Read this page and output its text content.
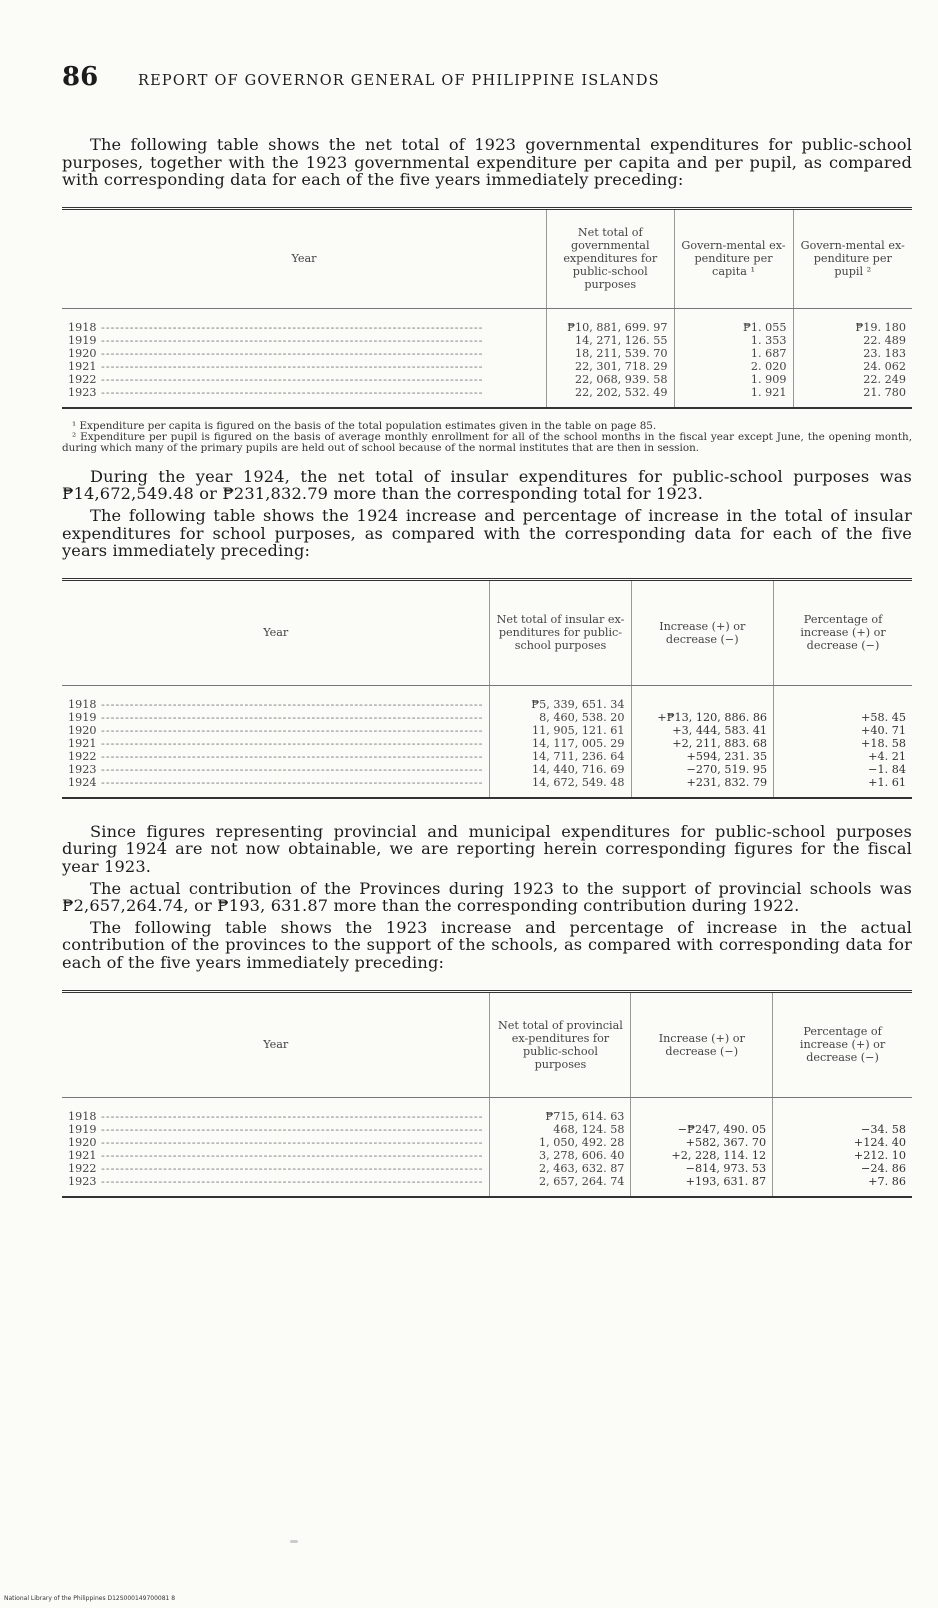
86	REPORT OF GOVERNOR GENERAL OF PHILIPPINE ISLANDS

The following table shows the net total of 1923 governmental expenditures for public-school purposes, together with the 1923 governmental expenditure per capita and per pupil, as compared with corresponding data for each of the five years immediately preceding:

Year	Net total of governmental expenditures for public-school purposes	Govern-mental ex-penditure per capita ¹	Govern-mental ex-penditure per pupil ²
1918 --------------------------------------------------------------------------------	₱10, 881, 699. 97	₱1. 055	₱19. 180
1919 --------------------------------------------------------------------------------	14, 271, 126. 55	1. 353	22. 489
1920 --------------------------------------------------------------------------------	18, 211, 539. 70	1. 687	23. 183
1921 --------------------------------------------------------------------------------	22, 301, 718. 29	2. 020	24. 062
1922 --------------------------------------------------------------------------------	22, 068, 939. 58	1. 909	22. 249
1923 --------------------------------------------------------------------------------	22, 202, 532. 49	1. 921	21. 780
¹ Expenditure per capita is figured on the basis of the total population estimates given in the table on page 85.
² Expenditure per pupil is figured on the basis of average monthly enrollment for all of the school months in the fiscal year except June, the opening month, during which many of the primary pupils are held out of school because of the normal institutes that are then in session.

During the year 1924, the net total of insular expenditures for public-school purposes was ₱14,672,549.48 or ₱231,832.79 more than the corresponding total for 1923.

The following table shows the 1924 increase and percentage of increase in the total of insular expenditures for school purposes, as compared with the corresponding data for each of the five years immediately preceding:

Year	Net total of insular ex-penditures for public-school purposes	Increase (+) or decrease (−)	Percentage of increase (+) or decrease (−)
1918 --------------------------------------------------------------------------------	₱5, 339, 651. 34		
1919 --------------------------------------------------------------------------------	8, 460, 538. 20	+₱13, 120, 886. 86	+58. 45
1920 --------------------------------------------------------------------------------	11, 905, 121. 61	+3, 444, 583. 41	+40. 71
1921 --------------------------------------------------------------------------------	14, 117, 005. 29	+2, 211, 883. 68	+18. 58
1922 --------------------------------------------------------------------------------	14, 711, 236. 64	+594, 231. 35	+4. 21
1923 --------------------------------------------------------------------------------	14, 440, 716. 69	−270, 519. 95	−1. 84
1924 --------------------------------------------------------------------------------	14, 672, 549. 48	+231, 832. 79	+1. 61

Since figures representing provincial and municipal expenditures for public-school purposes during 1924 are not now obtainable, we are reporting herein corresponding figures for the fiscal year 1923.

The actual contribution of the Provinces during 1923 to the support of provincial schools was ₱2,657,264.74, or ₱193, 631.87 more than the corresponding contribution during 1922.

The following table shows the 1923 increase and percentage of increase in the actual contribution of the provinces to the support of the schools, as compared with corresponding data for each of the five years immediately preceding:

Year	Net total of provincial ex-penditures for public-school purposes	Increase (+) or decrease (−)	Percentage of increase (+) or decrease (−)
1918 --------------------------------------------------------------------------------	₱715, 614. 63		
1919 --------------------------------------------------------------------------------	468, 124. 58	−₱247, 490. 05	−34. 58
1920 --------------------------------------------------------------------------------	1, 050, 492. 28	+582, 367. 70	+124. 40
1921 --------------------------------------------------------------------------------	3, 278, 606. 40	+2, 228, 114. 12	+212. 10
1922 --------------------------------------------------------------------------------	2, 463, 632. 87	−814, 973. 53	−24. 86
1923 --------------------------------------------------------------------------------	2, 657, 264. 74	+193, 631. 87	+7. 86
National Library of the Philippines D12S000149700081 8
